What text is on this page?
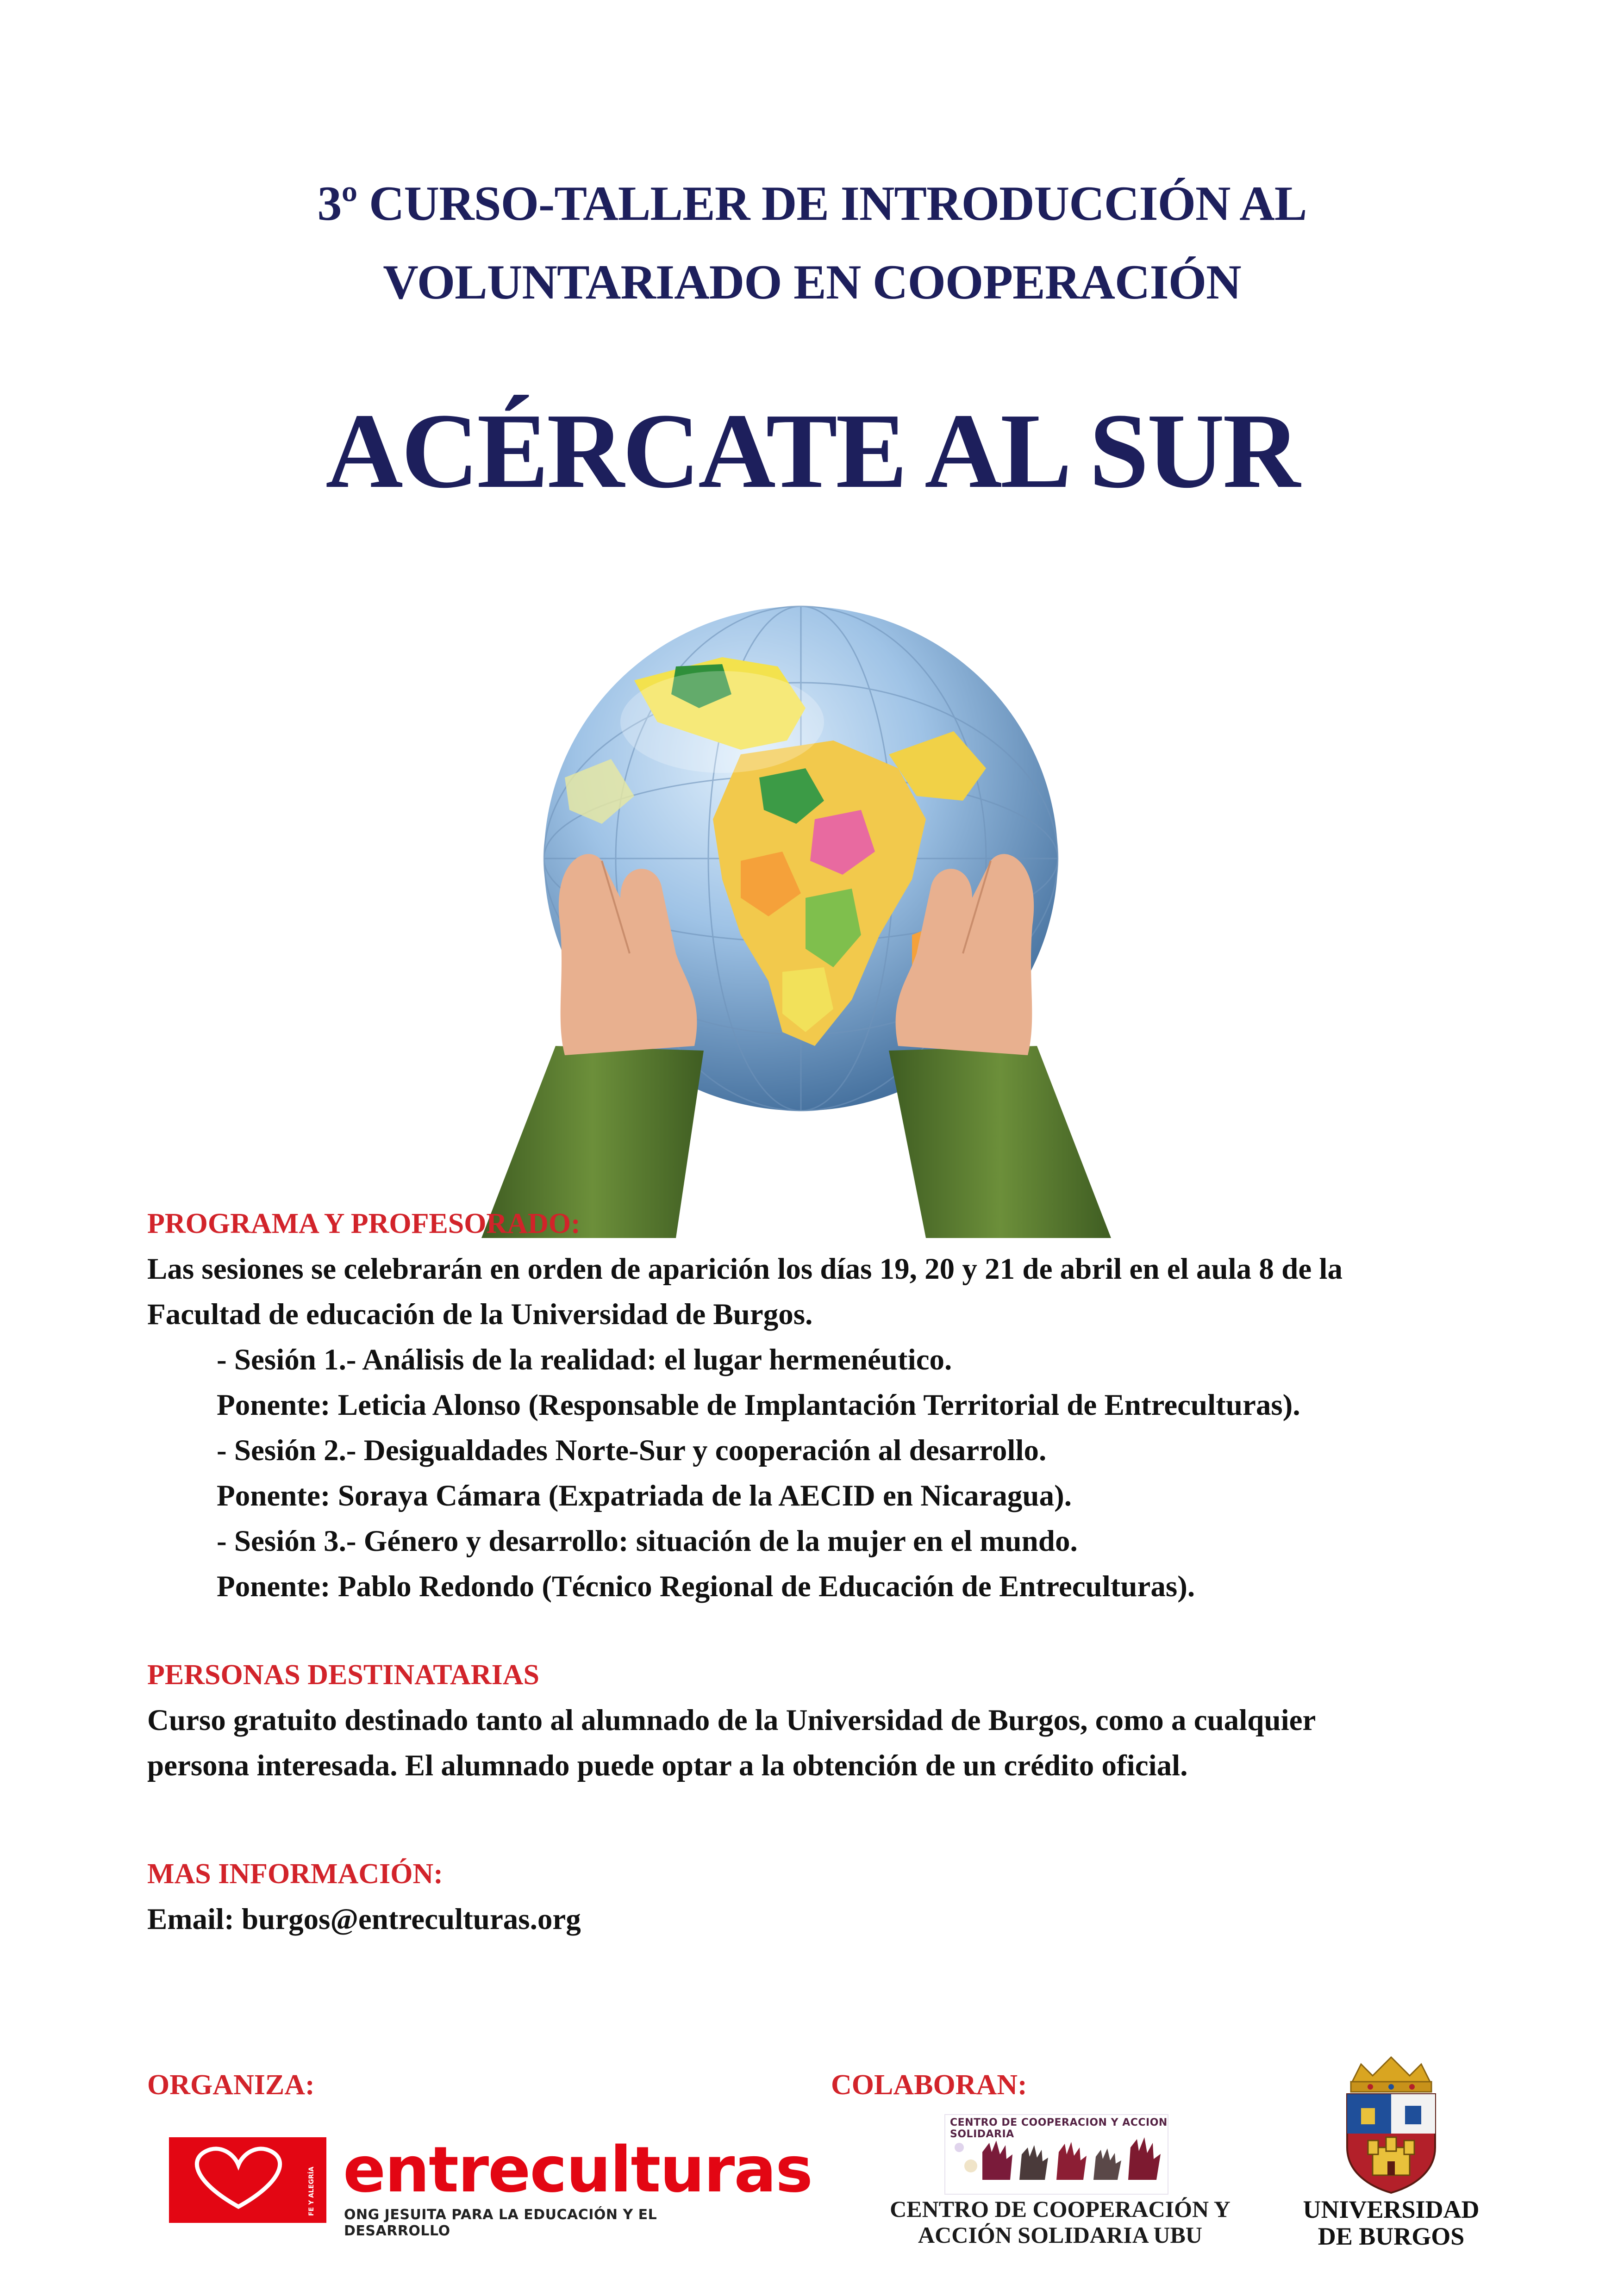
3º CURSO-TALLER DE INTRODUCCIÓN AL
VOLUNTARIADO EN COOPERACIÓN
ACÉRCATE AL SUR
PROGRAMA Y PROFESORADO:
Las sesiones se celebrarán en orden de aparición los días 19, 20 y 21 de abril en el aula 8 de la
Facultad de educación de la Universidad de Burgos.
- Sesión 1.- Análisis de la realidad: el lugar hermenéutico.
Ponente: Leticia Alonso (Responsable de Implantación Territorial de Entreculturas).
- Sesión 2.- Desigualdades Norte-Sur y cooperación al desarrollo.
Ponente: Soraya Cámara (Expatriada de la AECID en Nicaragua).
- Sesión 3.- Género y desarrollo: situación de la mujer en el mundo.
Ponente: Pablo Redondo (Técnico Regional de Educación de Entreculturas).
PERSONAS DESTINATARIAS
Curso gratuito destinado tanto al alumnado de la Universidad de Burgos, como a cualquier
persona interesada. El alumnado puede optar a la obtención de un crédito oficial.
MAS INFORMACIÓN:
Email: burgos@entreculturas.org
ORGANIZA:	COLABORAN:
FE Y ALEGRÍA entreculturas
ONG JESUITA PARA LA EDUCACIÓN Y EL DESARROLLO
CENTRO DE COOPERACION Y ACCION SOLIDARIA
CENTRO DE COOPERACIÓN Y
ACCIÓN SOLIDARIA UBU
UNIVERSIDAD
DE BURGOS
